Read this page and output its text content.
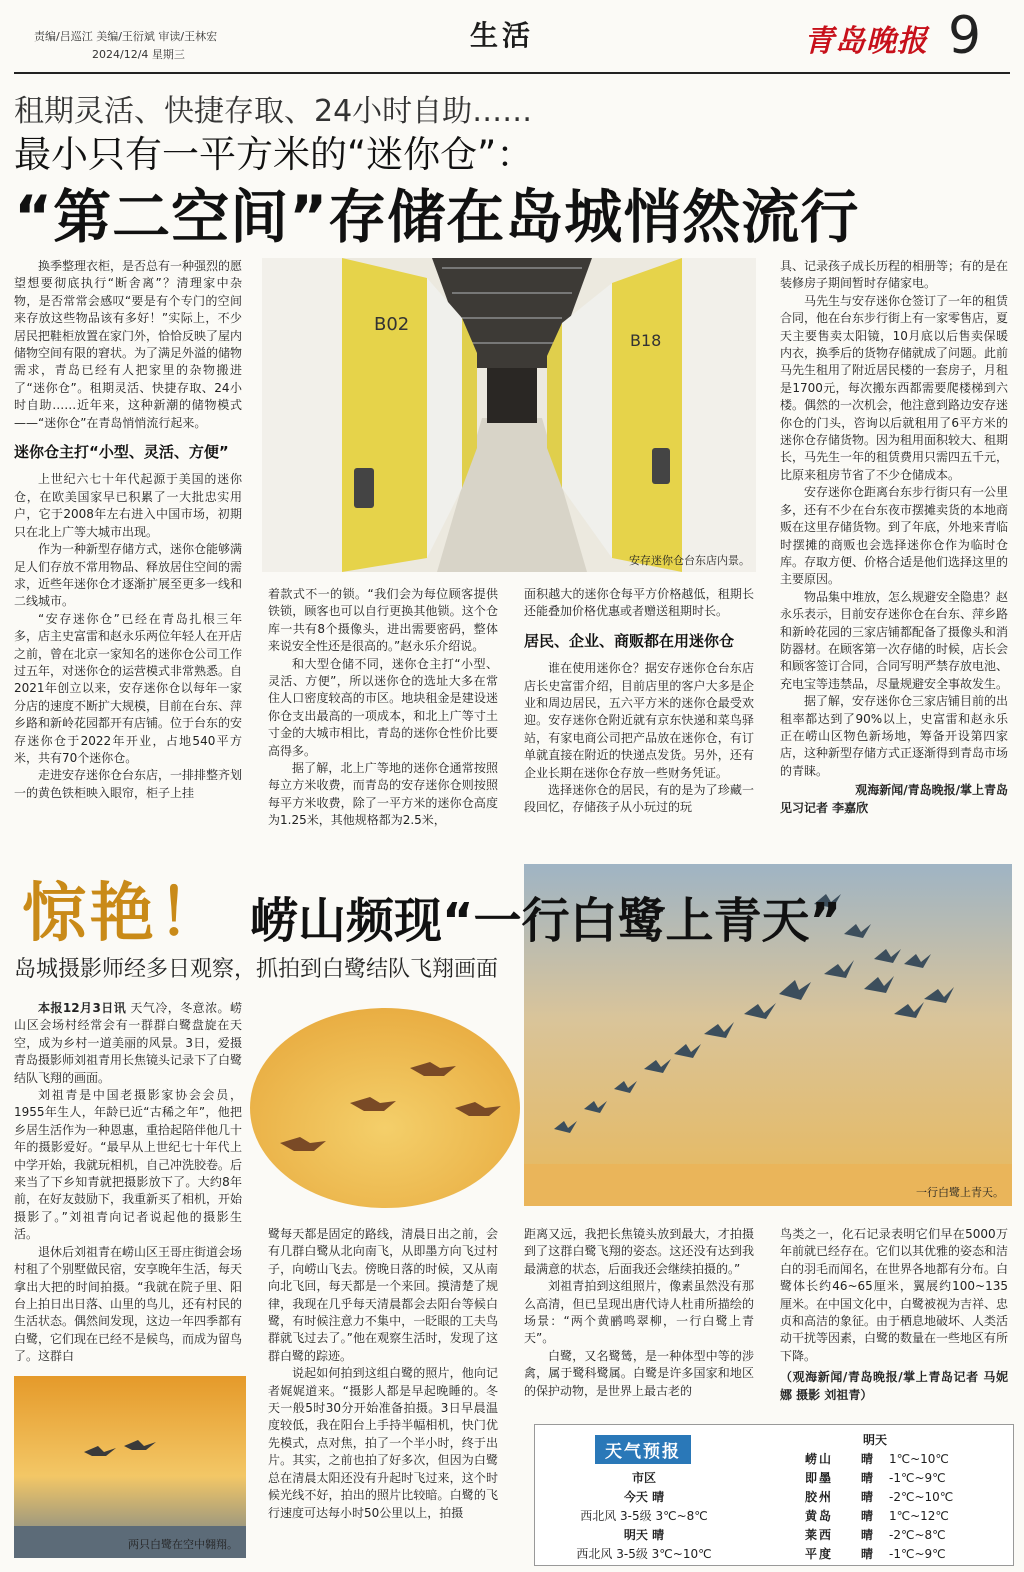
责编/吕巡江 美编/王衍斌 审读/王林宏
2024/12/4 星期三
生活	青岛晚报 9
租期灵活、快捷存取、24小时自助……
最小只有一平方米的“迷你仓”：
“第二空间”存储在岛城悄然流行

换季整理衣柜，是否总有一种强烈的愿望想要彻底执行“断舍离”？清理家中杂物，是否常常会感叹“要是有个专门的空间来存放这些物品该有多好！”实际上，不少居民把鞋柜放置在家门外，恰恰反映了屋内储物空间有限的窘状。为了满足外溢的储物需求，青岛已经有人把家里的杂物搬进了“迷你仓”。租期灵活、快捷存取、24小时自助……近年来，这种新潮的储物模式——“迷你仓”在青岛悄悄流行起来。

迷你仓主打“小型、灵活、方便”

上世纪六七十年代起源于美国的迷你仓，在欧美国家早已积累了一大批忠实用户，它于2008年左右进入中国市场，初期只在北上广等大城市出现。

作为一种新型存储方式，迷你仓能够满足人们存放不常用物品、释放居住空间的需求，近些年迷你仓才逐渐扩展至更多一线和二线城市。

“安存迷你仓”已经在青岛扎根三年多，店主史富雷和赵永乐两位年轻人在开店之前，曾在北京一家知名的迷你仓公司工作过五年，对迷你仓的运营模式非常熟悉。自2021年创立以来，安存迷你仓以每年一家分店的速度不断扩大规模，目前在台东、萍乡路和新岭花园都开有店铺。位于台东的安存迷你仓于2022年开业，占地540平方米，共有70个迷你仓。

走进安存迷你仓台东店，一排排整齐划一的黄色铁柜映入眼帘，柜子上挂

B02
B18
安存迷你仓台东店内景。

着款式不一的锁。“我们会为每位顾客提供铁锁，顾客也可以自行更换其他锁。这个仓库一共有8个摄像头，进出需要密码，整体来说安全性还是很高的。”赵永乐介绍说。

和大型仓储不同，迷你仓主打“小型、灵活、方便”，所以迷你仓的选址大多在常住人口密度较高的市区。地块租金是建设迷你仓支出最高的一项成本，和北上广等寸土寸金的大城市相比，青岛的迷你仓性价比要高得多。

据了解，北上广等地的迷你仓通常按照每立方米收费，而青岛的安存迷你仓则按照每平方米收费，除了一平方米的迷你仓高度为1.25米，其他规格都为2.5米，

面积越大的迷你仓每平方价格越低，租期长还能叠加价格优惠或者赠送租期时长。

居民、企业、商贩都在用迷你仓

谁在使用迷你仓？据安存迷你仓台东店店长史富雷介绍，目前店里的客户大多是企业和周边居民，五六平方米的迷你仓最受欢迎。安存迷你仓附近就有京东快递和菜鸟驿站，有家电商公司把产品放在迷你仓，有订单就直接在附近的快递点发货。另外，还有企业长期在迷你仓存放一些财务凭证。

选择迷你仓的居民，有的是为了珍藏一段回忆，存储孩子从小玩过的玩

具、记录孩子成长历程的相册等；有的是在装修房子期间暂时存储家电。

马先生与安存迷你仓签订了一年的租赁合同，他在台东步行街上有一家零售店，夏天主要售卖太阳镜，10月底以后售卖保暖内衣，换季后的货物存储就成了问题。此前马先生租用了附近居民楼的一套房子，月租是1700元，每次搬东西都需要爬楼梯到六楼。偶然的一次机会，他注意到路边安存迷你仓的门头，咨询以后就租用了6平方米的迷你仓存储货物。因为租用面积较大、租期长，马先生一年的租赁费用只需四五千元，比原来租房节省了不少仓储成本。

安存迷你仓距离台东步行街只有一公里多，还有不少在台东夜市摆摊卖货的本地商贩在这里存储货物。到了年底，外地来青临时摆摊的商贩也会选择迷你仓作为临时仓库。存取方便、价格合适是他们选择这里的主要原因。

物品集中堆放，怎么规避安全隐患？赵永乐表示，目前安存迷你仓在台东、萍乡路和新岭花园的三家店铺都配备了摄像头和消防器材。在顾客第一次存储的时候，店长会和顾客签订合同，合同写明严禁存放电池、充电宝等违禁品，尽量规避安全事故发生。

据了解，安存迷你仓三家店铺目前的出租率都达到了90%以上，史富雷和赵永乐正在崂山区物色新场地，筹备开设第四家店，这种新型存储方式正逐渐得到青岛市场的青睐。

观海新闻/青岛晚报/掌上青岛
见习记者 李嘉欣
惊艳！
一行白鹭上青天。
崂山频现“一行白鹭上青天”
岛城摄影师经多日观察，抓拍到白鹭结队飞翔画面

本报12月3日讯 天气冷，冬意浓。崂山区会场村经常会有一群群白鹭盘旋在天空，成为乡村一道美丽的风景。3日，爱摄青岛摄影师刘祖青用长焦镜头记录下了白鹭结队飞翔的画面。

刘祖青是中国老摄影家协会会员，1955年生人，年龄已近“古稀之年”，他把乡居生活作为一种恩惠，重拾起陪伴他几十年的摄影爱好。“最早从上世纪七十年代上中学开始，我就玩相机，自己冲洗胶卷。后来当了下乡知青就把摄影放下了。大约8年前，在好友鼓励下，我重新买了相机，开始摄影了。”刘祖青向记者说起他的摄影生活。

退休后刘祖青在崂山区王哥庄街道会场村租了个别墅做民宿，安享晚年生活，每天拿出大把的时间拍摄。“我就在院子里、阳台上拍日出日落、山里的鸟儿，还有村民的生活状态。偶然间发现，这边一年四季都有白鹭，它们现在已经不是候鸟，而成为留鸟了。这群白

鹭每天都是固定的路线，清晨日出之前，会有几群白鹭从北向南飞，从即墨方向飞过村子，向崂山飞去。傍晚日落的时候，又从南向北飞回，每天都是一个来回。摸清楚了规律，我现在几乎每天清晨都会去阳台等候白鹭，有时候注意力不集中，一眨眼的工夫鸟群就飞过去了。”他在观察生活时，发现了这群白鹭的踪迹。

说起如何拍到这组白鹭的照片，他向记者娓娓道来。“摄影人都是早起晚睡的。冬天一般5时30分开始准备拍摄。3日早晨温度较低，我在阳台上手持半幅相机，快门优先模式，点对焦，拍了一个半小时，终于出片。其实，之前也拍了好多次，但因为白鹭总在清晨太阳还没有升起时飞过来，这个时候光线不好，拍出的照片比较暗。白鹭的飞行速度可达每小时50公里以上，拍摄

距离又远，我把长焦镜头放到最大，才拍摄到了这群白鹭飞翔的姿态。这还没有达到我最满意的状态，后面我还会继续拍摄的。”

刘祖青拍到这组照片，像素虽然没有那么高清，但已呈现出唐代诗人杜甫所描绘的场景：“两个黄鹂鸣翠柳，一行白鹭上青天”。

白鹭，又名鹭鸶，是一种体型中等的涉禽，属于鹭科鹭属。白鹭是许多国家和地区的保护动物，是世界上最古老的

鸟类之一，化石记录表明它们早在5000万年前就已经存在。它们以其优雅的姿态和洁白的羽毛而闻名，在世界各地都有分布。白鹭体长约46~65厘米，翼展约100~135厘米。在中国文化中，白鹭被视为吉祥、忠贞和高洁的象征。由于栖息地破坏、人类活动干扰等因素，白鹭的数量在一些地区有所下降。

（观海新闻/青岛晚报/掌上青岛记者 马妮娜 摄影 刘祖青）
两只白鹭在空中翱翔。
天气预报
市区
今天 晴
西北风 3-5级 3℃~8℃
明天 晴
西北风 3-5级 3℃~10℃
明天
崂山	晴	1℃~10℃
即墨	晴	-1℃~9℃
胶州	晴	-2℃~10℃
黄岛	晴	1℃~12℃
莱西	晴	-2℃~8℃
平度	晴	-1℃~9℃
